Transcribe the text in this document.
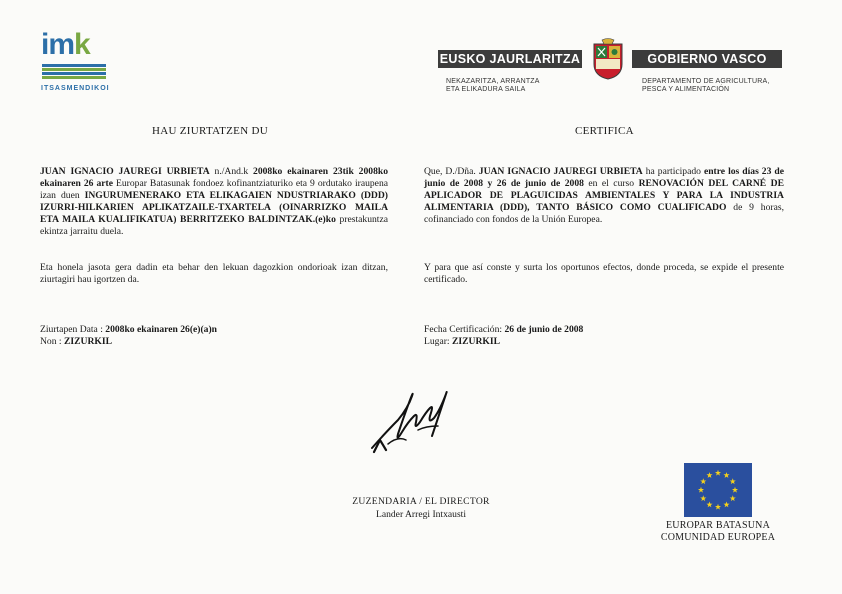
imk
ITSASMENDIKOI
EUSKO JAURLARITZA	GOBIERNO VASCO
NEKAZARITZA, ARRANTZA
ETA ELIKADURA SAILA
DEPARTAMENTO DE AGRICULTURA,
PESCA Y ALIMENTACIÓN
HAU ZIURTATZEN DU	CERTIFICA
JUAN IGNACIO JAUREGI URBIETA n./And.k 2008ko ekainaren 23tik 2008ko ekainaren 26 arte Europar Batasunak fondoez kofinantziaturiko eta 9 ordutako iraupena izan duen INGURUMENERAKO ETA ELIKAGAIEN NDUSTRIARAKO (DDD) IZURRI-HILKARIEN APLIKATZAILE-TXARTELA (OINARRIZKO MAILA ETA MAILA KUALIFIKATUA) BERRITZEKO BALDINTZAK.(e)ko prestakuntza ekintza jarraitu duela.
Eta honela jasota gera dadin eta behar den lekuan dagozkion ondorioak izan ditzan, ziurtagiri hau igortzen da.
Que, D./Dña. JUAN IGNACIO JAUREGI URBIETA ha participado entre los días 23 de junio de 2008 y 26 de junio de 2008 en el curso RENOVACIÓN DEL CARNÉ DE APLICADOR DE PLAGUICIDAS AMBIENTALES Y PARA LA INDUSTRIA ALIMENTARIA (DDD), TANTO BÁSICO COMO CUALIFICADO de 9 horas, cofinanciado con fondos de la Unión Europea.
Y para que así conste y surta los oportunos efectos, donde proceda, se expide el presente certificado.
Ziurtapen Data : 2008ko ekainaren 26(e)(a)n
Non : ZIZURKIL
Fecha Certificación: 26 de junio de 2008
Lugar: ZIZURKIL
ZUZENDARIA / EL DIRECTOR
Lander Arregi Intxausti
EUROPAR BATASUNA
COMUNIDAD EUROPEA
